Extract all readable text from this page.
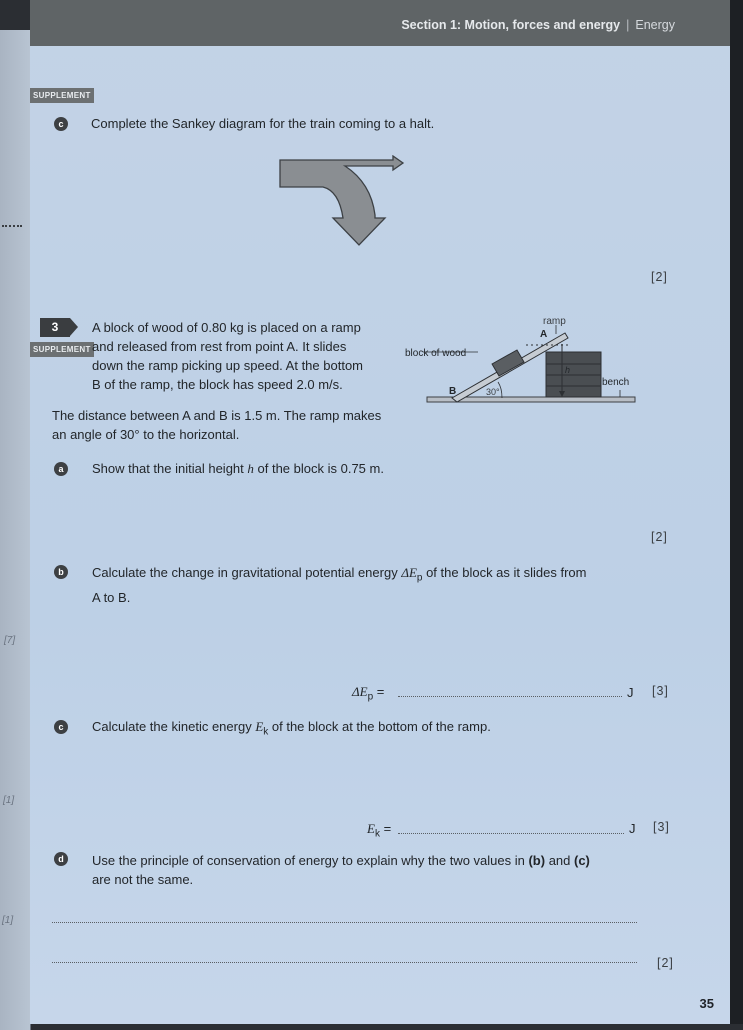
[7]
[1]
[1]
Section 1: Motion, forces and energy | Energy
SUPPLEMENT
c	Complete the Sankey diagram for the train coming to a halt.
[2]
3
SUPPLEMENT
A block of wood of 0.80 kg is placed on a ramp
and released from rest from point A. It slides
down the ramp picking up speed. At the bottom
B of the ramp, the block has speed 2.0 m/s.
The distance between A and B is 1.5 m. The ramp makes
an angle of 30° to the horizontal.
ramp
A
block of wood
h
B	30°
bench
a	Show that the initial height h of the block is 0.75 m.
[2]
b	Calculate the change in gravitational potential energy $\Delta E_p$ of the block as it slides from
A to B.
$\Delta E_p$ =	J [3]
c	Calculate the kinetic energy $E_k$ of the block at the bottom of the ramp.
$E_k$ =	J [3]
d	Use the principle of conservation of energy to explain why the two values in (b) and (c)
are not the same.
[2]
35
